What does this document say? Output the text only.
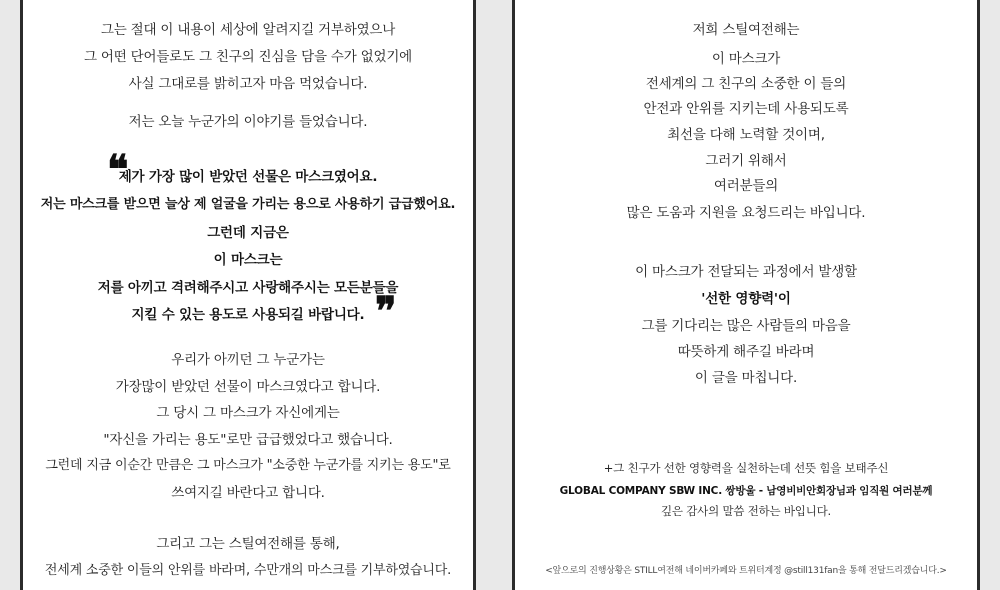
그는 절대 이 내용이 세상에 알려지길 거부하였으나
그 어떤 단어들로도 그 친구의 진심을 담을 수가 없었기에
사실 그대로를 밝히고자 마음 먹었습니다.
저는 오늘 누군가의 이야기를 들었습니다.
❝
제가 가장 많이 받았던 선물은 마스크였어요.
저는 마스크를 받으면 늘상 제 얼굴을 가리는 용으로 사용하기 급급했어요.
그런데 지금은
이 마스크는
저를 아끼고 격려해주시고 사랑해주시는 모든분들을
지킬 수 있는 용도로 사용되길 바랍니다. ❞
우리가 아끼던 그 누군가는
가장많이 받았던 선물이 마스크였다고 합니다.
그 당시 그 마스크가 자신에게는
"자신을 가리는 용도"로만 급급했었다고 했습니다.
그런데 지금 이순간 만큼은 그 마스크가 "소중한 누군가를 지키는 용도"로
쓰여지길 바란다고 합니다.
그리고 그는 스틸여전해를 통해,
전세계 소중한 이들의 안위를 바라며, 수만개의 마스크를 기부하였습니다.
저희 스틸여전해는
이 마스크가
전세계의 그 친구의 소중한 이 들의
안전과 안위를 지키는데 사용되도록
최선을 다해 노력할 것이며,
그러기 위해서
여러분들의
많은 도움과 지원을 요청드리는 바입니다.
이 마스크가 전달되는 과정에서 발생할
'선한 영향력'이
그를 기다리는 많은 사람들의 마음을
따뜻하게 해주길 바라며
이 글을 마칩니다.
+그 친구가 선한 영향력을 실천하는데 선뜻 힘을 보태주신
GLOBAL COMPANY SBW INC. 쌍방울 - 남영비비안회장님과 임직원 여러분께
깊은 감사의 말씀 전하는 바입니다.
<앞으로의 진행상황은 STILL여전해 네이버카페와 트위터계정 @still131fan을 통해 전달드리겠습니다.>
